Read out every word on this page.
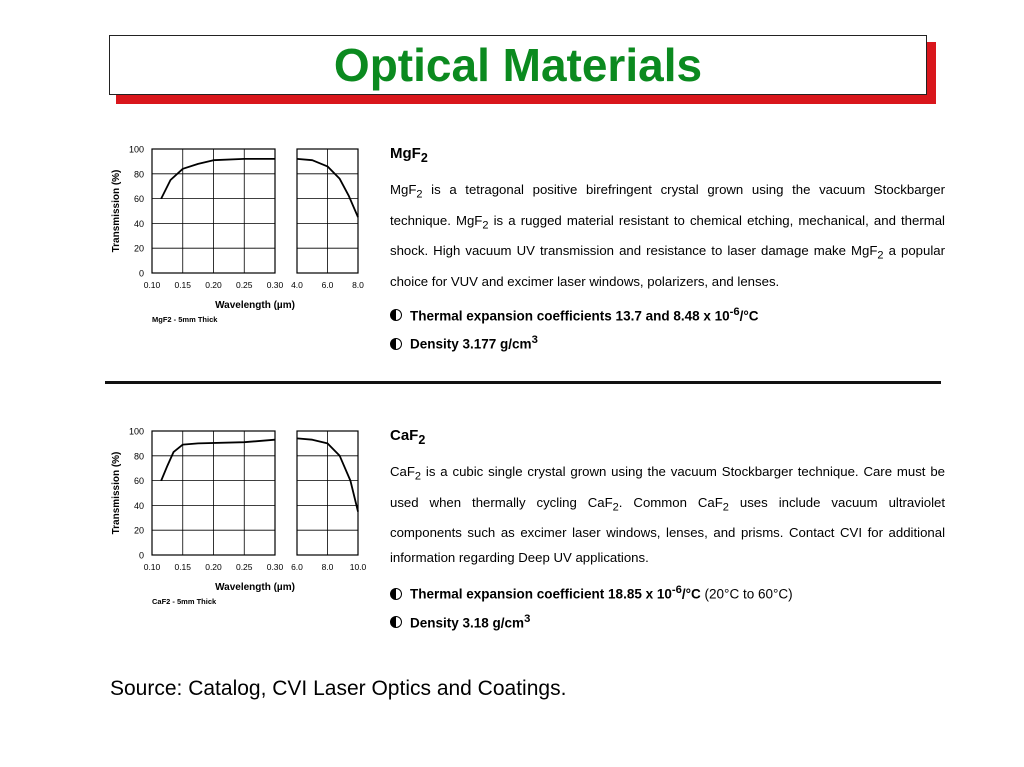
Optical Materials
100
80
60
40
20
0
Transmission (%)
0.10 0.15 0.20 0.25 0.30 4.0 6.0 8.0
Wavelength (µm)
MgF2 - 5mm Thick
100
80
60
40
20
0
Transmission (%)
0.10 0.15 0.20 0.25 0.30 6.0 8.0 10.0
Wavelength (µm)
CaF2 - 5mm Thick
MgF$_2$
MgF$_2$ is a tetragonal positive birefringent crystal grown using the vacuum Stockbarger technique. MgF$_2$ is a rugged material resistant to chemical etching, mechanical, and thermal shock. High vacuum UV transmission and resistance to laser damage make MgF$_2$ a popular choice for VUV and excimer laser windows, polarizers, and lenses.
Thermal expansion coefficients 13.7 and 8.48 x $10^{-6}/^\circ C$
Density 3.177 $g/cm^3$
CaF$_2$
CaF$_2$ is a cubic single crystal grown using the vacuum Stockbarger technique. Care must be used when thermally cycling CaF$_2$. Common CaF$_2$ uses include vacuum ultraviolet components such as excimer laser windows, lenses, and prisms. Contact CVI for additional information regarding Deep UV applications.
Thermal expansion coefficient 18.85 x $10^{-6}/^\circ C$ (20°C to 60°C)
Density 3.18 $g/cm^3$
Source: Catalog, CVI Laser Optics and Coatings.
